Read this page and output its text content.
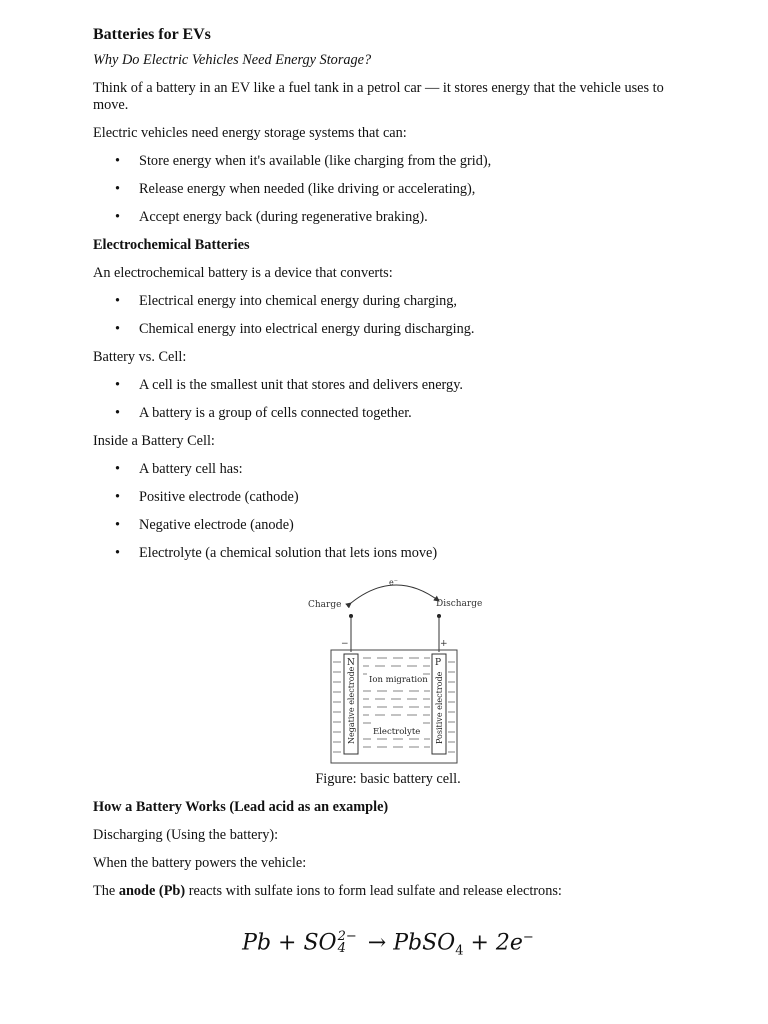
Batteries for EVs

Why Do Electric Vehicles Need Energy Storage?

Think of a battery in an EV like a fuel tank in a petrol car — it stores energy that the vehicle uses to move.

Electric vehicles need energy storage systems that can:

• Store energy when it's available (like charging from the grid),
• Release energy when needed (like driving or accelerating),
• Accept energy back (during regenerative braking).

Electrochemical Batteries

An electrochemical battery is a device that converts:

• Electrical energy into chemical energy during charging,
• Chemical energy into electrical energy during discharging.

Battery vs. Cell:

• A cell is the smallest unit that stores and delivers energy.
• A battery is a group of cells connected together.

Inside a Battery Cell:

• A battery cell has:
• Positive electrode (cathode)
• Negative electrode (anode)
• Electrolyte (a chemical solution that lets ions move)
e⁻
Charge	Discharge
−	+
N	P
Negative electrode	Positive electrode
Ion migration
Electrolyte

Figure: basic battery cell.

How a Battery Works (Lead acid as an example)

Discharging (Using the battery):

When the battery powers the vehicle:

The anode (Pb) reacts with sulfate ions to form lead sulfate and release electrons:

Pb + SO 2−
4 → PbSO$_4$ + 2e−
